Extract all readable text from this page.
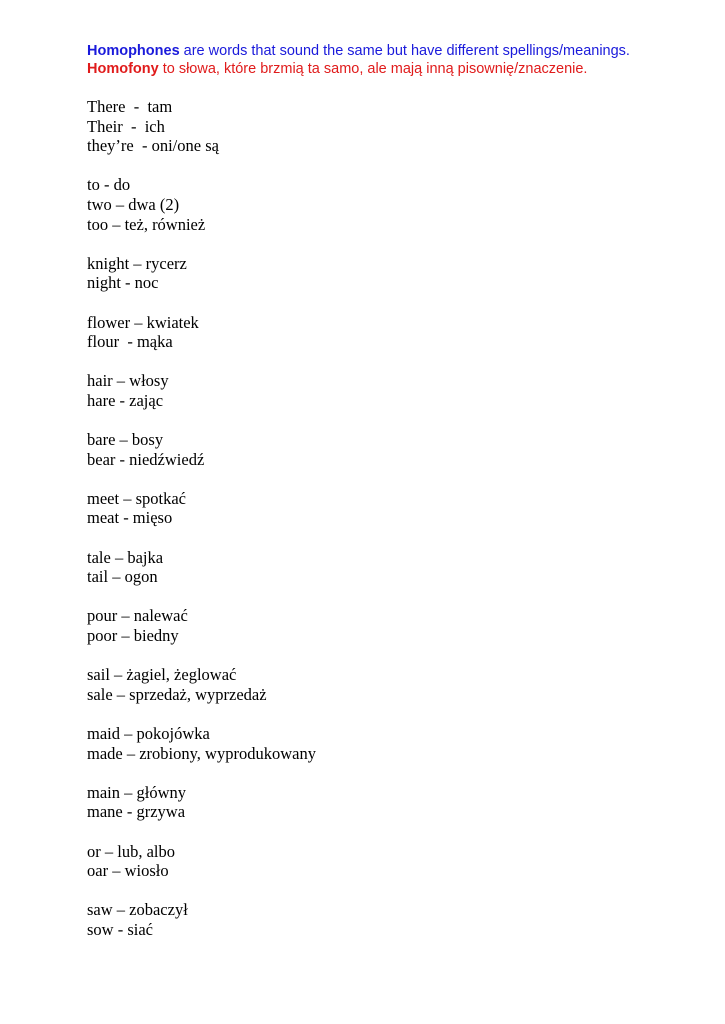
Homophones are words that sound the same but have different spellings/meanings.
Homofony to słowa, które brzmią ta samo, ale mają inną pisownię/znaczenie.
There  -  tam
Their  -  ich
they’re  - oni/one są
to - do
two – dwa (2)
too – też, również
knight – rycerz
night - noc
flower – kwiatek
flour  - mąka
hair – włosy
hare - zając
bare – bosy
bear - niedźwiedź
meet – spotkać
meat - mięso
tale – bajka
tail – ogon
pour – nalewać
poor – biedny
sail – żagiel, żeglować
sale – sprzedaż, wyprzedaż
maid – pokojówka
made – zrobiony, wyprodukowany
main – główny
mane - grzywa
or – lub, albo
oar – wiosło
saw – zobaczył
sow - siać
